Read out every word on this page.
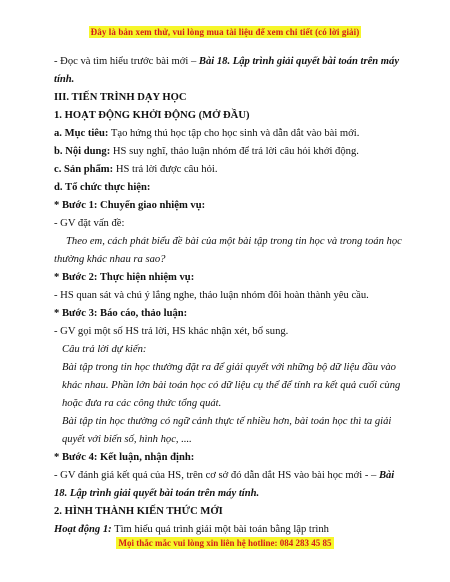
Đây là bản xem thử, vui lòng mua tài liệu để xem chi tiết (có lời giải)
- Đọc và tìm hiểu trước bài mới – Bài 18. Lập trình giải quyết bài toán trên máy
tính.
III. TIẾN TRÌNH DẠY HỌC
1. HOẠT ĐỘNG KHỞI ĐỘNG (MỞ ĐẦU)
a. Mục tiêu: Tạo hứng thú học tập cho học sinh và dẫn dắt vào bài mới.
b. Nội dung: HS suy nghĩ, thảo luận nhóm để trả lời câu hỏi khởi động.
c. Sản phẩm: HS trả lời được câu hỏi.
d. Tổ chức thực hiện:
* Bước 1: Chuyển giao nhiệm vụ:
- GV đặt vấn đề:
Theo em, cách phát biểu đề bài của một bài tập trong tin học và trong toán học
thường khác nhau ra sao?
* Bước 2: Thực hiện nhiệm vụ:
- HS quan sát và chú ý lắng nghe, thảo luận nhóm đôi hoàn thành yêu cầu.
* Bước 3: Báo cáo, thảo luận:
- GV gọi một số HS trả lời, HS khác nhận xét, bổ sung.
Câu trả lời dự kiến:
Bài tập trong tin học thường đặt ra để giải quyết với những bộ dữ liệu đầu vào
khác nhau. Phần lớn bài toán học có dữ liệu cụ thể để tính ra kết quả cuối cùng
hoặc đưa ra các công thức tổng quát.
Bài tập tin học thường có ngữ cảnh thực tế nhiều hơn, bài toán học thì ta giải
quyết với biến số, hình học, ....
* Bước 4: Kết luận, nhận định:
- GV đánh giá kết quả của HS, trên cơ sở đó dẫn dắt HS vào bài học mới - – Bài
18. Lập trình giải quyết bài toán trên máy tính.
2. HÌNH THÀNH KIẾN THỨC MỚI
Hoạt động 1: Tìm hiểu quá trình giải một bài toán bằng lập trình
Mọi thắc mắc vui lòng xin liên hệ hotline: 084 283 45 85
